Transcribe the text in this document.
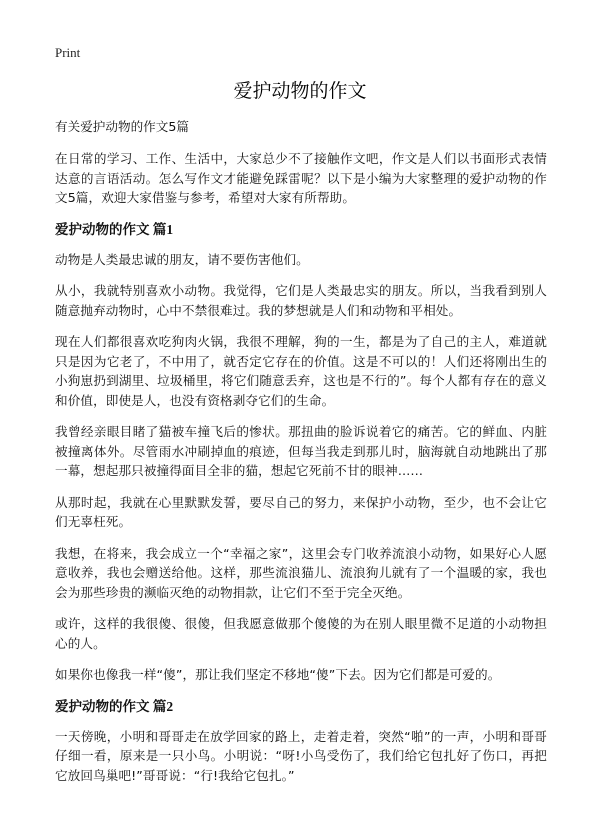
Print
爱护动物的作文
有关爱护动物的作文5篇

在日常的学习、工作、生活中，大家总少不了接触作文吧，作文是人们以书面形式表情达意的言语活动。怎么写作文才能避免踩雷呢？以下是小编为大家整理的爱护动物的作文5篇，欢迎大家借鉴与参考，希望对大家有所帮助。

爱护动物的作文 篇1

动物是人类最忠诚的朋友，请不要伤害他们。

从小，我就特别喜欢小动物。我觉得，它们是人类最忠实的朋友。所以，当我看到别人随意抛弃动物时，心中不禁很难过。我的梦想就是人们和动物和平相处。

现在人们都很喜欢吃狗肉火锅，我很不理解，狗的一生，都是为了自己的主人，难道就只是因为它老了，不中用了，就否定它存在的价值。这是不可以的！人们还将刚出生的小狗崽扔到湖里、垃圾桶里，将它们随意丢弃，这也是不行的”。每个人都有存在的意义和价值，即使是人，也没有资格剥夺它们的生命。

我曾经亲眼目睹了猫被车撞飞后的惨状。那扭曲的脸诉说着它的痛苦。它的鲜血、内脏被撞离体外。尽管雨水冲刷掉血的痕迹，但每当我走到那儿时，脑海就自动地跳出了那一幕，想起那只被撞得面目全非的猫，想起它死前不甘的眼神……

从那时起，我就在心里默默发誓，要尽自己的努力，来保护小动物，至少，也不会让它们无辜枉死。

我想，在将来，我会成立一个“幸福之家”，这里会专门收养流浪小动物，如果好心人愿意收养，我也会赠送给他。这样，那些流浪猫儿、流浪狗儿就有了一个温暖的家，我也会为那些珍贵的濒临灭绝的动物捐款，让它们不至于完全灭绝。

或许，这样的我很傻、很傻，但我愿意做那个傻傻的为在别人眼里微不足道的小动物担心的人。

如果你也像我一样“傻”，那让我们坚定不移地“傻”下去。因为它们都是可爱的。

爱护动物的作文 篇2

一天傍晚，小明和哥哥走在放学回家的路上，走着走着，突然“啪”的一声，小明和哥哥仔细一看，原来是一只小鸟。小明说：“呀!小鸟受伤了，我们给它包扎好了伤口，再把它放回鸟巢吧!”哥哥说：“行!我给它包扎。”
